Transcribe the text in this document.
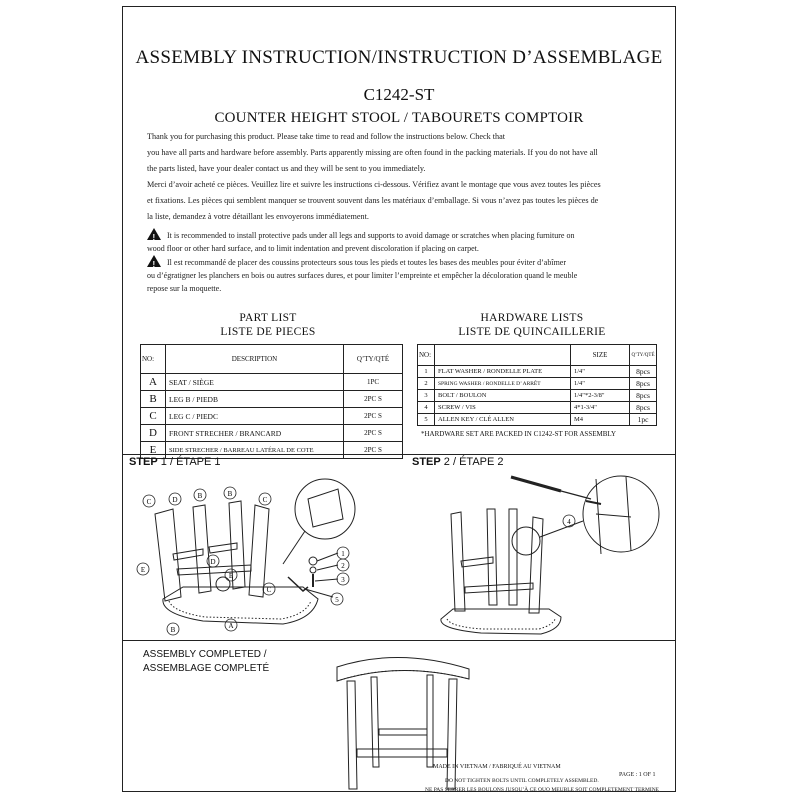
ASSEMBLY INSTRUCTION/INSTRUCTION D’ASSEMBLAGE
C1242-ST
COUNTER HEIGHT STOOL / TABOURETS COMPTOIR
Thank you for purchasing this product. Please take time to read and follow the instructions below. Check that
you have all parts and hardware before assembly. Parts apparently missing are often found in the packing materials. If you do not have all
the parts listed, have your dealer contact us and they will be sent to you immediately.
Merci d’avoir acheté ce pièces. Veuillez lire et suivre les instructions ci-dessous. Vérifiez avant le montage que vous avez toutes les pièces
et fixations. Les pièces qui semblent manquer se trouvent souvent dans les matériaux d’emballage. Si vous n’avez pas toutes les pièces de
la liste, demandez à votre détaillant les envoyerons immédiatement.
! It is recommended to install protective pads under all legs and supports to avoid damage or scratches when placing furniture on
wood floor or other hard surface, and to limit indentation and prevent discoloration if placing on carpet.
! Il est recommandé de placer des coussins protecteurs sous tous les pieds et toutes les bases des meubles pour éviter d’abîmer
ou d’égratigner les planchers en bois ou autres surfaces dures, et pour limiter l’empreinte et empêcher la décoloration quand le meuble
repose sur la moquette.
PART LIST
LISTE DE PIECES
NO:	DESCRIPTION	Q’TY/QTÉ
A	SEAT / SIÈGE	1PC
B	LEG B / PIEDB	2PC S
C	LEG C / PIEDC	2PC S
D	FRONT STRECHER / BRANCARD	2PC S
E	SIDE STRECHER / BARREAU LATÉRAL DE COTE	2PC S
HARDWARE LISTS
LISTE DE QUINCAILLERIE
NO:		SIZE	Q’TY/QTÉ
1	FLAT WASHER / RONDELLE PLATE	1/4"	8pcs
2	SPRING WASHER / RONDELLE D’ ARRÊT	1/4"	8pcs
3	BOLT / BOULON	1/4"*2-3/8"	8pcs
4	SCREW / VIS	4*1-3/4"	8pcs
5	ALLEN KEY / CLÉ ALLEN	M4	1pc
*HARDWARE SET ARE PACKED IN C1242-ST FOR ASSEMBLY
STEP 1 / ÉTAPE 1	STEP 2 / ÉTAPE 2
C	D	B	B
C
E
D
E
C
B	A
1
2
3
5
4
ASSEMBLY COMPLETED /
ASSEMBLAGE COMPLETÉ
MADE IN VIETNAM / FABRIQUÉ AU VIETNAM
PAGE : 1 OF 1
DO NOT TIGHTEN BOLTS UNTIL COMPLETELY ASSEMBLED.
NE PAS SERRER LES BOULONS JUSQU’À CE QUO MEUBLE SOIT COMPLETEMENT TERMINE
